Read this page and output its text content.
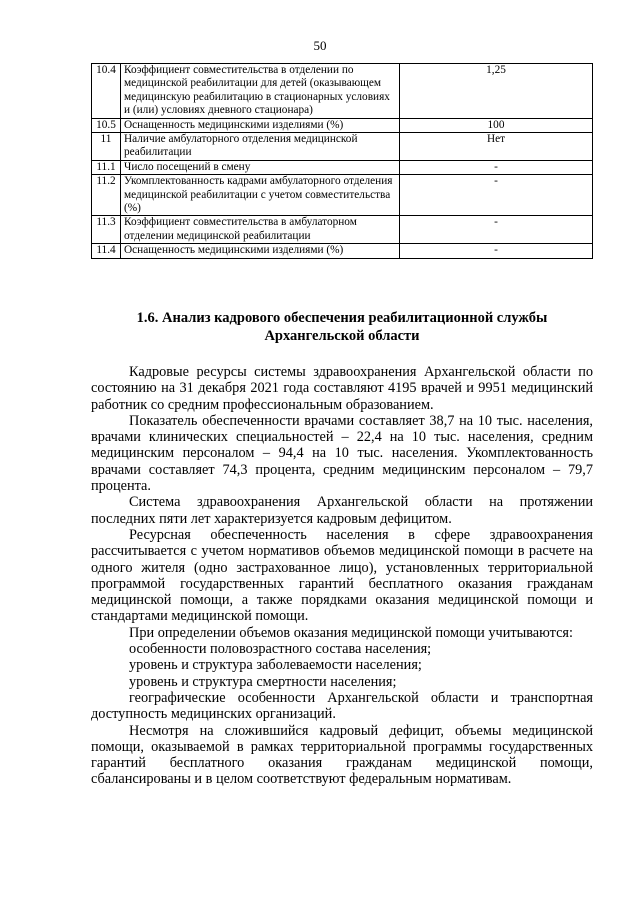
50
10.4	Коэффициент совместительства в отделении по медицинской реабилитации для детей (оказывающем медицинскую реабилитацию в стационарных условиях и (или) условиях дневного стационара)	1,25
10.5	Оснащенность медицинскими изделиями (%)	100
11	Наличие амбулаторного отделения медицинской реабилитации	Нет
11.1	Число посещений в смену	-
11.2	Укомплектованность кадрами амбулаторного отделения медицинской реабилитации с учетом совместительства (%)	-
11.3	Коэффициент совместительства в амбулаторном отделении медицинской реабилитации	-
11.4	Оснащенность медицинскими изделиями (%)	-
1.6. Анализ кадрового обеспечения реабилитационной службы Архангельской области

Кадровые ресурсы системы здравоохранения Архангельской области по состоянию на 31 декабря 2021 года составляют 4195 врачей и 9951 медицинский работник со средним профессиональным образованием.

Показатель обеспеченности врачами составляет 38,7 на 10 тыс. населения, врачами клинических специальностей – 22,4 на 10 тыс. населения, средним медицинским персоналом – 94,4 на 10 тыс. населения. Укомплектованность врачами составляет 74,3 процента, средним медицинским персоналом – 79,7 процента.

Система здравоохранения Архангельской области на протяжении последних пяти лет характеризуется кадровым дефицитом.

Ресурсная обеспеченность населения в сфере здравоохранения рассчитывается с учетом нормативов объемов медицинской помощи в расчете на одного жителя (одно застрахованное лицо), установленных территориальной программой государственных гарантий бесплатного оказания гражданам медицинской помощи, а также порядками оказания медицинской помощи и стандартами медицинской помощи.

При определении объемов оказания медицинской помощи учитываются:

особенности половозрастного состава населения;

уровень и структура заболеваемости населения;

уровень и структура смертности населения;

географические особенности Архангельской области и транспортная доступность медицинских организаций.

Несмотря на сложившийся кадровый дефицит, объемы медицинской помощи, оказываемой в рамках территориальной программы государственных гарантий бесплатного оказания гражданам медицинской помощи, сбалансированы и в целом соответствуют федеральным нормативам.
